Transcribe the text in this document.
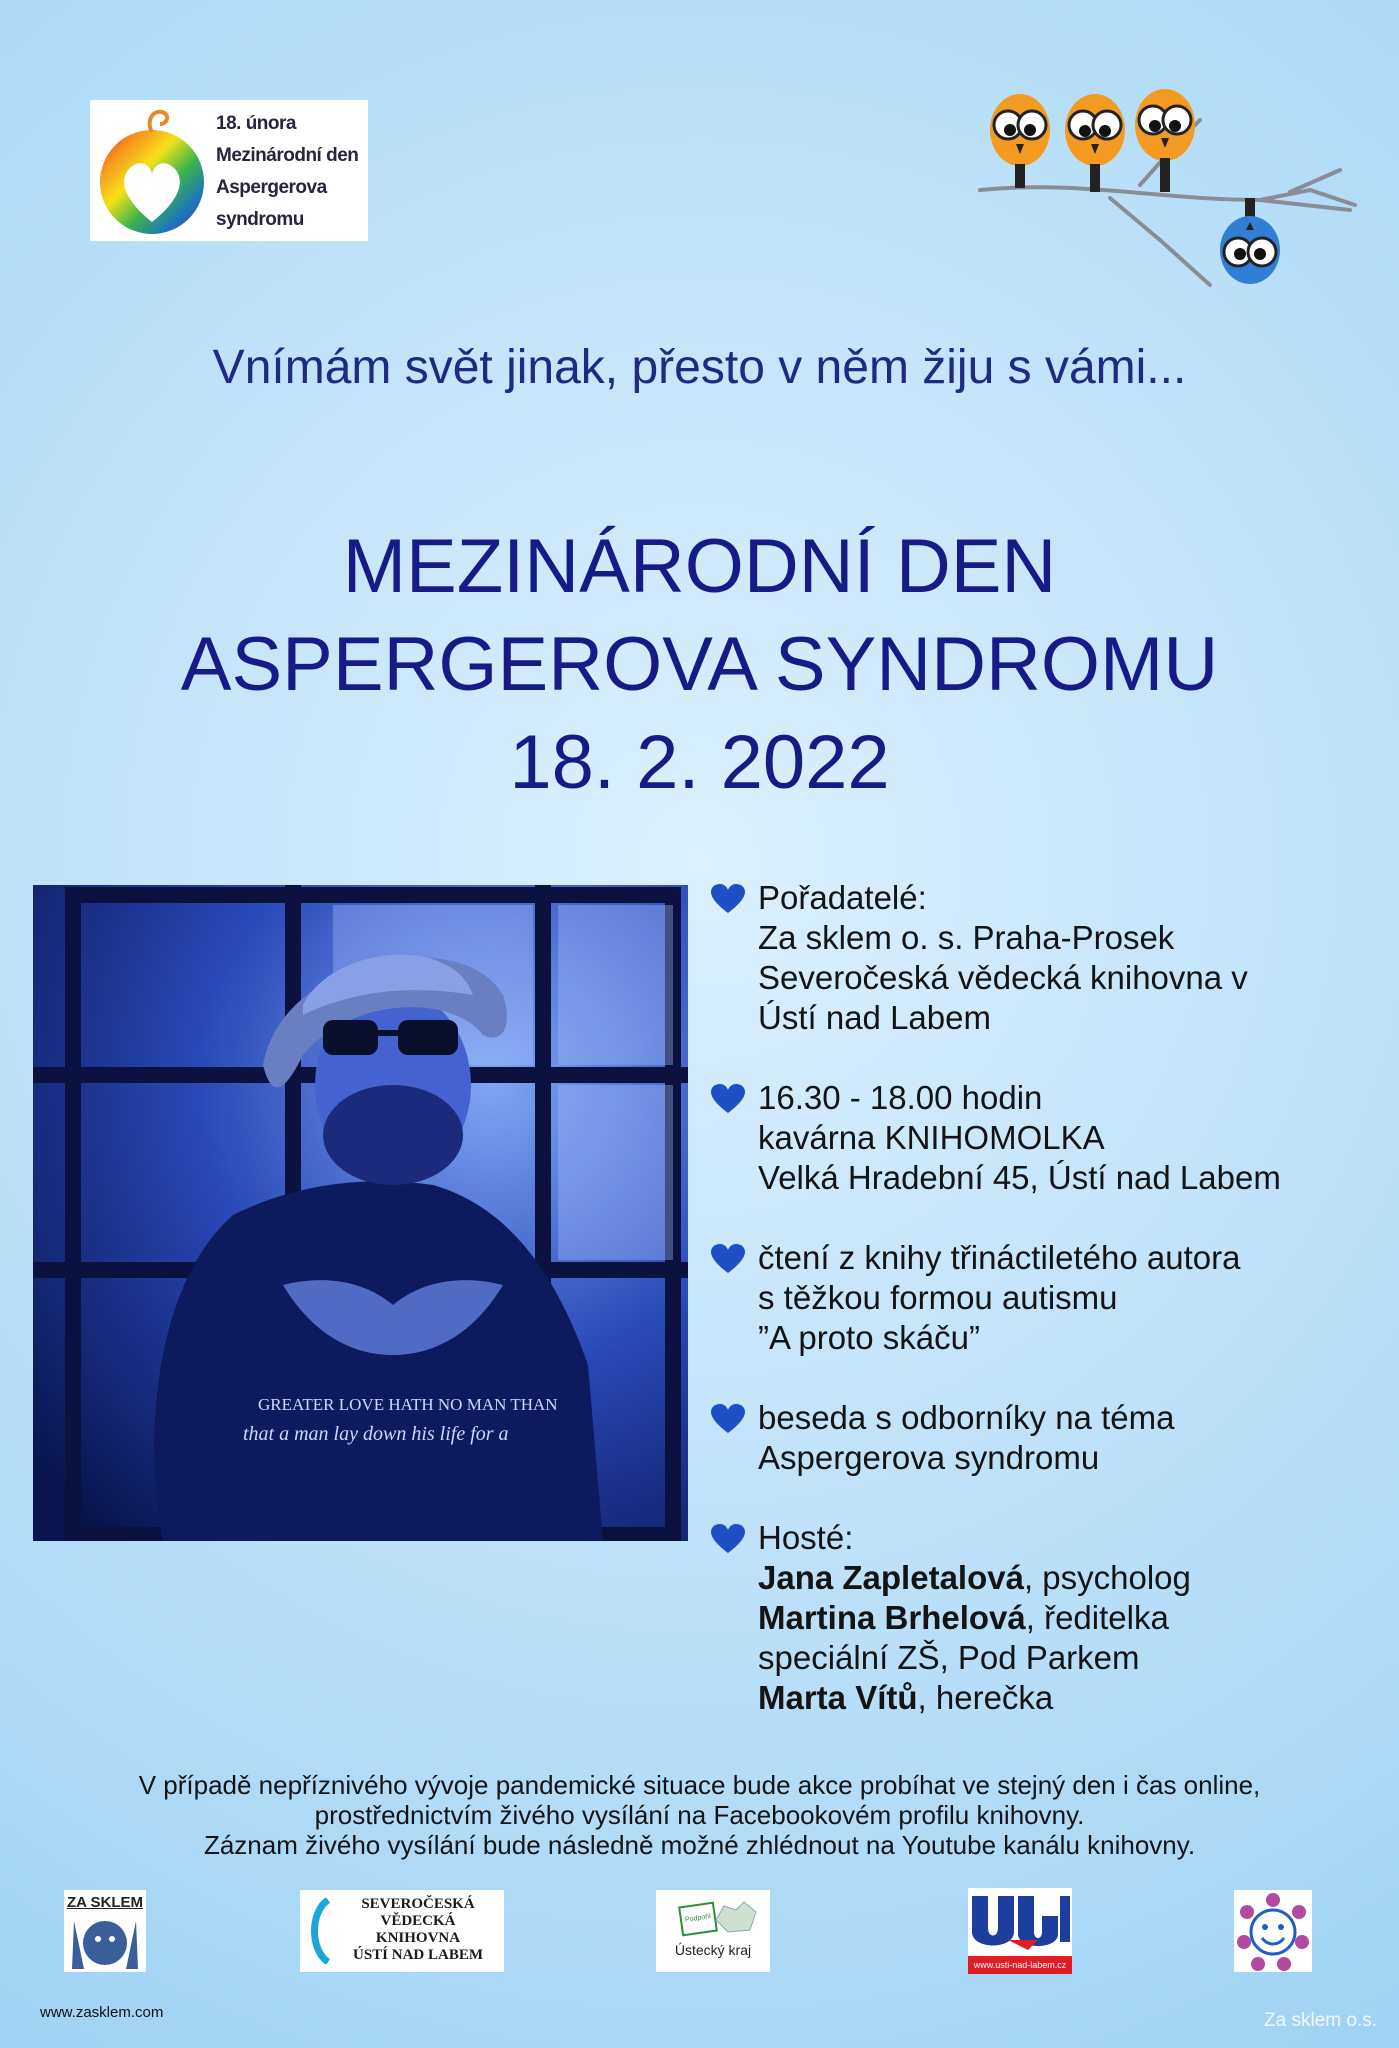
18. února
Mezinárodní den
Aspergerova
syndromu
Vnímám svět jinak, přesto v něm žiju s vámi...
MEZINÁRODNÍ DEN
ASPERGEROVA SYNDROMU
18. 2. 2022
GREATER LOVE HATH NO MAN THAN
that a man lay down his life for a
Pořadatelé:
Za sklem o. s. Praha-Prosek
Severočeská vědecká knihovna v
Ústí nad Labem
16.30 - 18.00 hodin
kavárna KNIHOMOLKA
Velká Hradební 45, Ústí nad Labem
čtení z knihy třináctiletého autora
s těžkou formou autismu
”A proto skáču”
beseda s odborníky na téma
Aspergerova syndromu
Hosté:
Jana Zapletalová, psycholog
Martina Brhelová, ředitelka
speciální ZŠ, Pod Parkem
Marta Vítů, herečka
V případě nepříznivého vývoje pandemické situace bude akce probíhat ve stejný den i čas online,
prostřednictvím živého vysílání na Facebookovém profilu knihovny.
Záznam živého vysílání bude následně možné zhlédnout na Youtube kanálu knihovny.
ZA SKLEM	SEVEROČESKÁ
VĚDECKÁ
KNIHOVNA
ÚSTÍ NAD LABEM
Podpořil
Ústecký kraj
www.usti-nad-labem.cz
www.zasklem.com	Za sklem o.s.
